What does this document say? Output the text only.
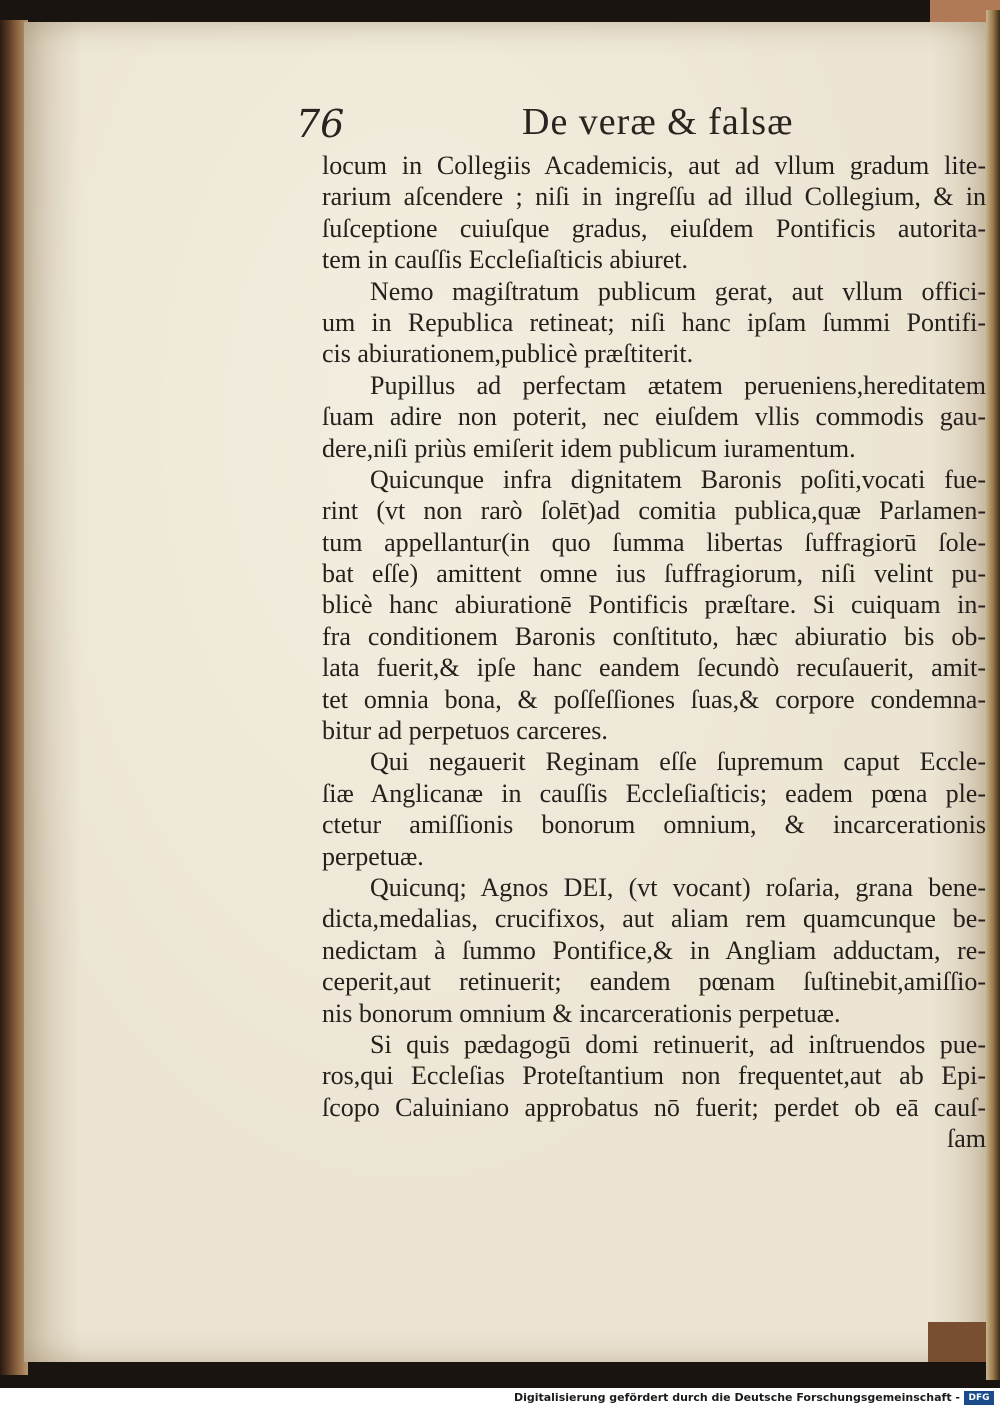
76	De veræ & falsæ
locum in Collegiis Academicis, aut ad vllum gradum lite-
rarium aſcendere ; niſi in ingreſſu ad illud Collegium, & in
ſuſceptione cuiuſque gradus, eiuſdem Pontificis autorita-
tem in cauſſis Eccleſiaſticis abiuret.
Nemo magiſtratum publicum gerat, aut vllum offici-
um in Republica retineat; niſi hanc ipſam ſummi Pontifi-
cis abiurationem,publicè præſtiterit.
Pupillus ad perfectam ætatem perueniens,hereditatem
ſuam adire non poterit, nec eiuſdem vllis commodis gau-
dere,niſi priùs emiſerit idem publicum iuramentum.
Quicunque infra dignitatem Baronis poſiti,vocati fue-
rint (vt non rarò ſolēt)ad comitia publica,quæ Parlamen-
tum appellantur(in quo ſumma libertas ſuffragiorū ſole-
bat eſſe) amittent omne ius ſuffragiorum, niſi velint pu-
blicè hanc abiurationē Pontificis præſtare. Si cuiquam in-
fra conditionem Baronis conſtituto, hæc abiuratio bis ob-
lata fuerit,& ipſe hanc eandem ſecundò recuſauerit, amit-
tet omnia bona, & poſſeſſiones ſuas,& corpore condemna-
bitur ad perpetuos carceres.
Qui negauerit Reginam eſſe ſupremum caput Eccle-
ſiæ Anglicanæ in cauſſis Eccleſiaſticis; eadem pœna ple-
ctetur amiſſionis bonorum omnium, & incarcerationis
perpetuæ.
Quicunq; Agnos DEI, (vt vocant) roſaria, grana bene-
dicta,medalias, crucifixos, aut aliam rem quamcunque be-
nedictam à ſummo Pontifice,& in Angliam adductam, re-
ceperit,aut retinuerit; eandem pœnam ſuſtinebit,amiſſio-
nis bonorum omnium & incarcerationis perpetuæ.
Si quis pædagogū domi retinuerit, ad inſtruendos pue-
ros,qui Eccleſias Proteſtantium non frequentet,aut ab Epi-
ſcopo Caluiniano approbatus nō fuerit; perdet ob eā cauſ-
ſam
Digitalisierung gefördert durch die Deutsche Forschungsgemeinschaft - DFG
